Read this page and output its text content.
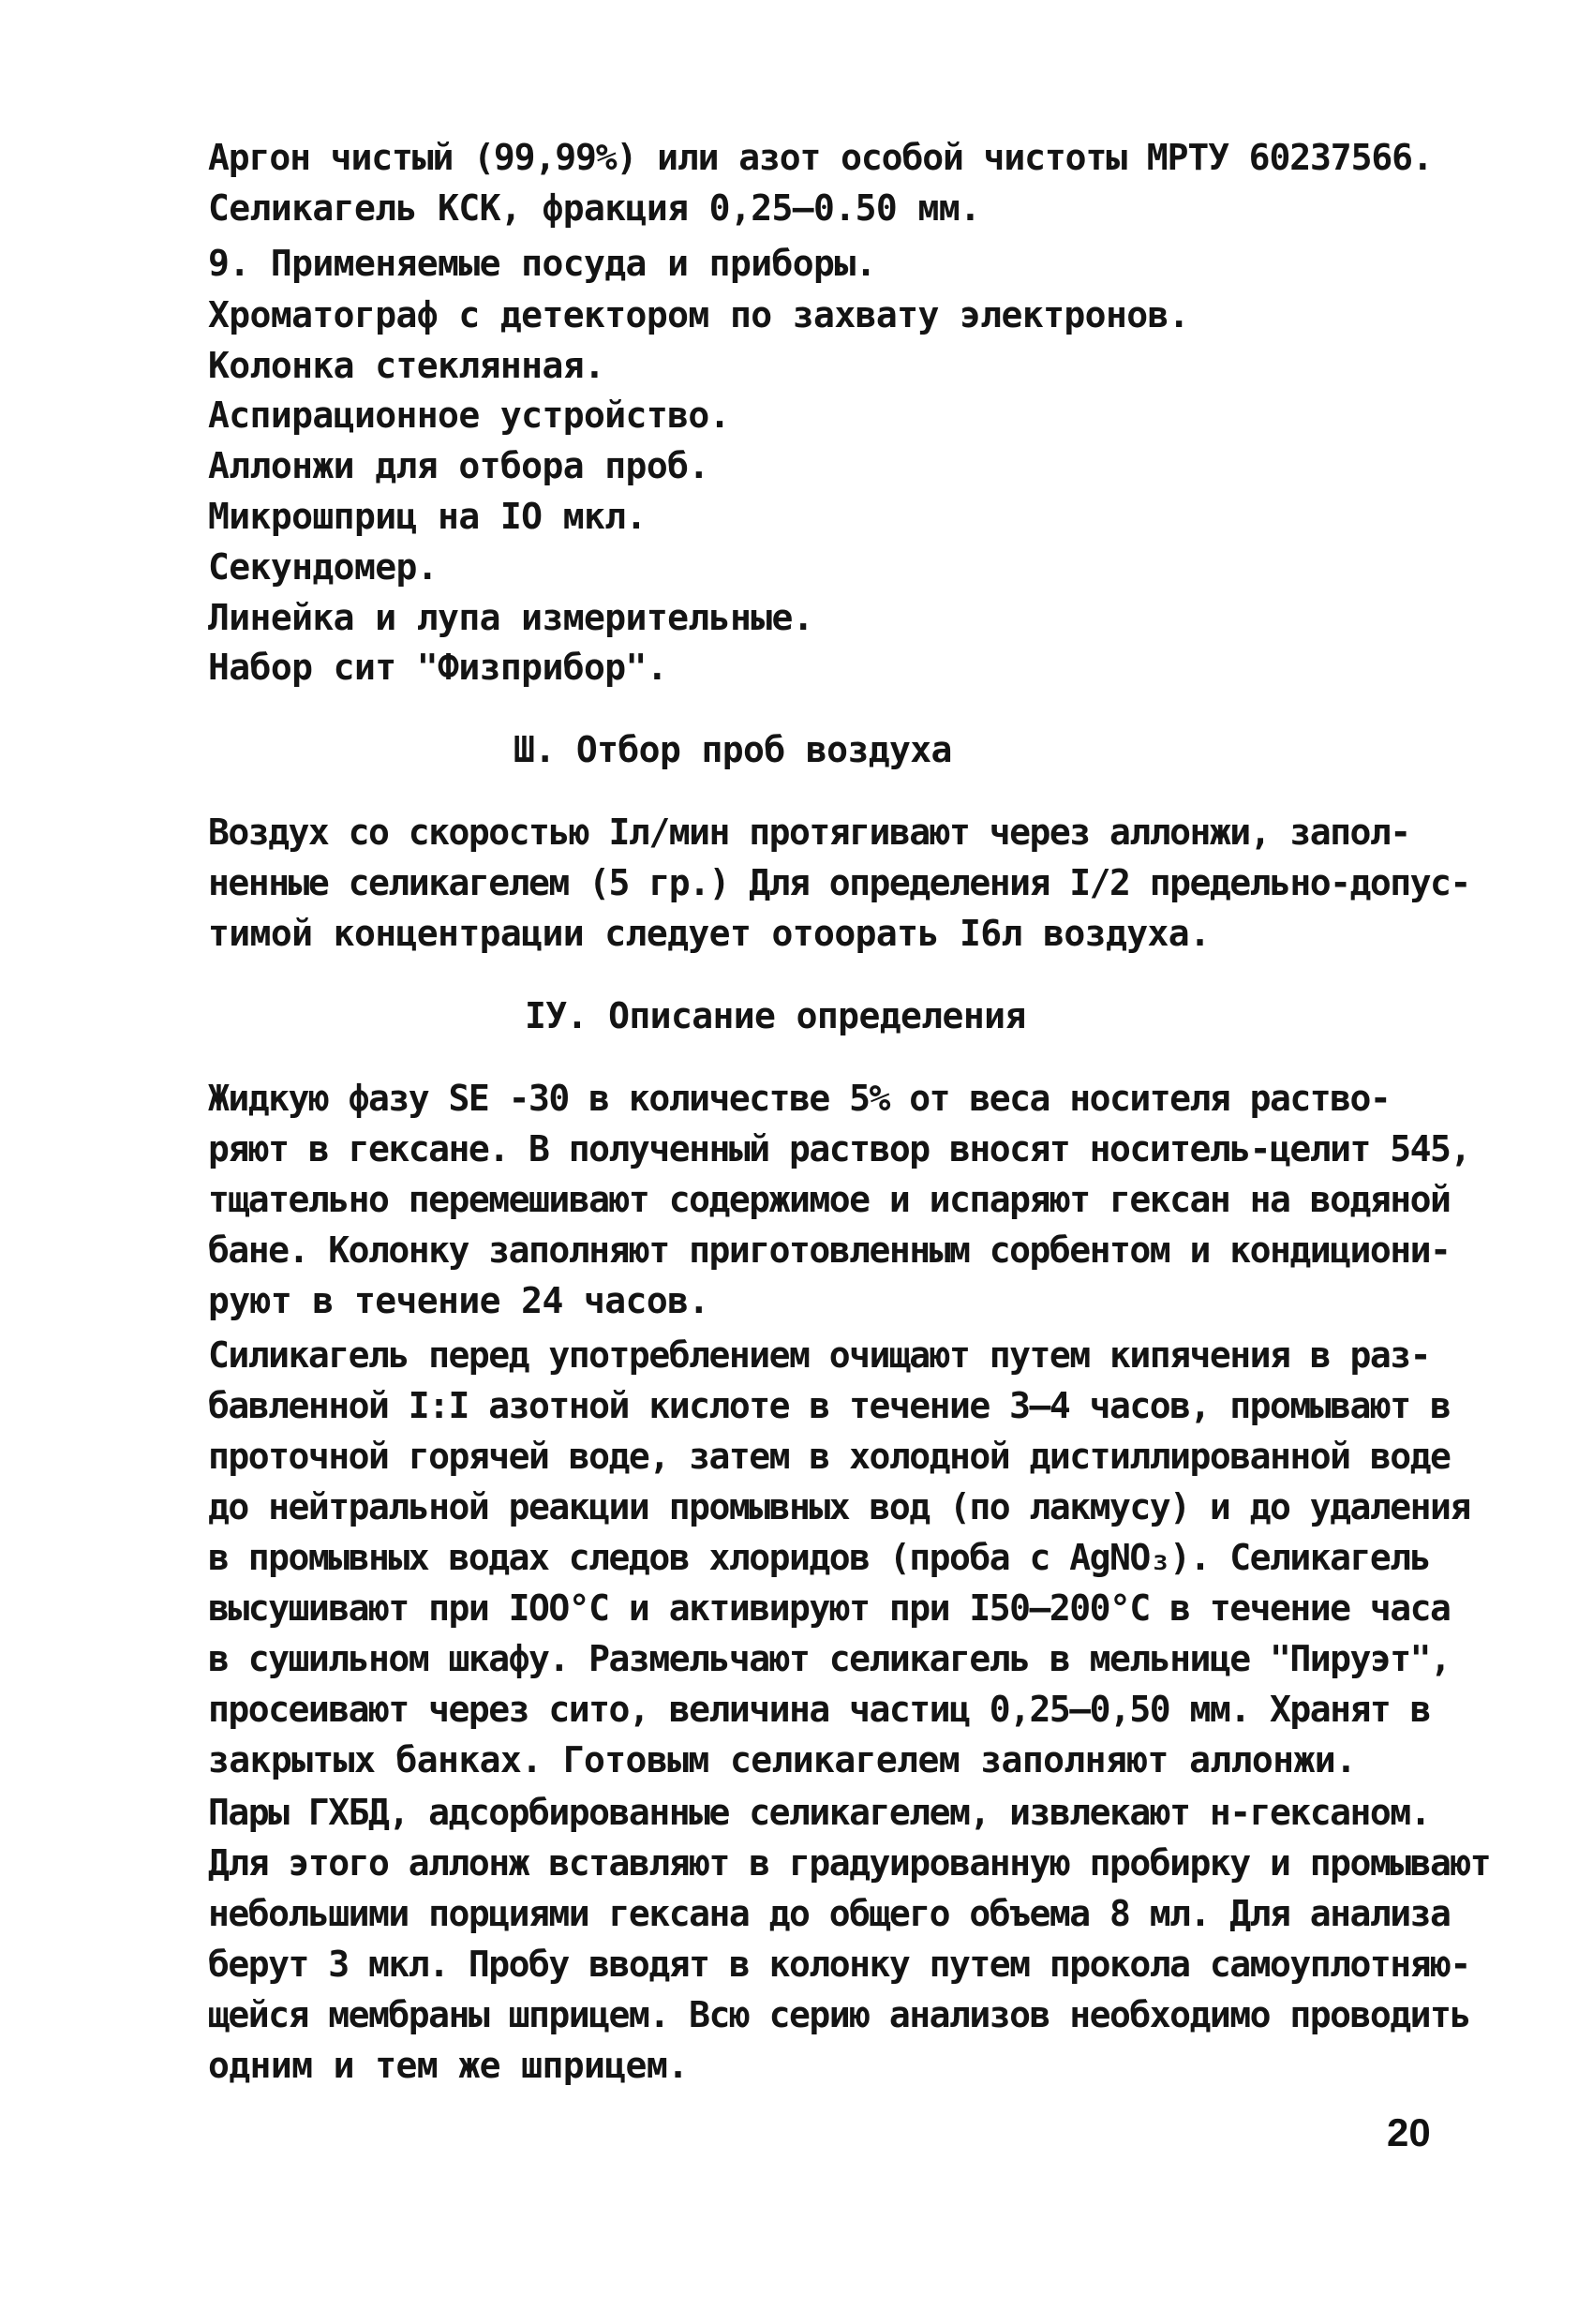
Аргон чистый (99,99%) или азот особой чистоты МРТУ 60237566.
Селикагель КСК, фракция 0,25–0.50 мм.
9. Применяемые посуда и приборы.
Хроматограф с детектором по захвату электронов.
Колонка стеклянная.
Аспирационное устройство.
Аллонжи для отбора проб.
Микрошприц на IO мкл.
Секундомер.
Линейка и лупа измерительные.
Набор сит "Физприбор".
Ш. Отбор проб воздуха
Воздух со скоростью Iл/мин протягивают через аллонжи, запол-
ненные селикагелем (5 гр.) Для определения I/2 предельно-допус-
тимой концентрации следует отоорать I6л воздуха.
IУ. Описание определения
Жидкую фазу SE -30 в количестве 5% от веса носителя раство-
ряют в гексане. В полученный раствор вносят носитель-целит 545,
тщательно перемешивают содержимое и испаряют гексан на водяной
бане. Колонку заполняют приготовленным сорбентом и кондициони-
руют в течение 24 часов.
Силикагель перед употреблением очищают путем кипячения в раз-
бавленной I:I азотной кислоте в течение 3–4 часов, промывают в
проточной горячей воде, затем в холодной дистиллированной воде
до нейтральной реакции промывных вод (по лакмусу) и до удаления
в промывных водах следов хлоридов (проба с AgNO₃). Селикагель
высушивают при IOO°C и активируют при I50–200°C в течение часа
в сушильном шкафу. Размельчают селикагель в мельнице "Пируэт",
просеивают через сито, величина частиц 0,25–0,50 мм. Хранят в
закрытых банках. Готовым селикагелем заполняют аллонжи.
Пары ГХБД, адсорбированные селикагелем, извлекают н-гексаном.
Для этого аллонж вставляют в градуированную пробирку и промывают
небольшими порциями гексана до общего объема 8 мл. Для анализа
берут 3 мкл. Пробу вводят в колонку путем прокола самоуплотняю-
щейся мембраны шприцем. Всю серию анализов необходимо проводить
одним и тем же шприцем.
20
